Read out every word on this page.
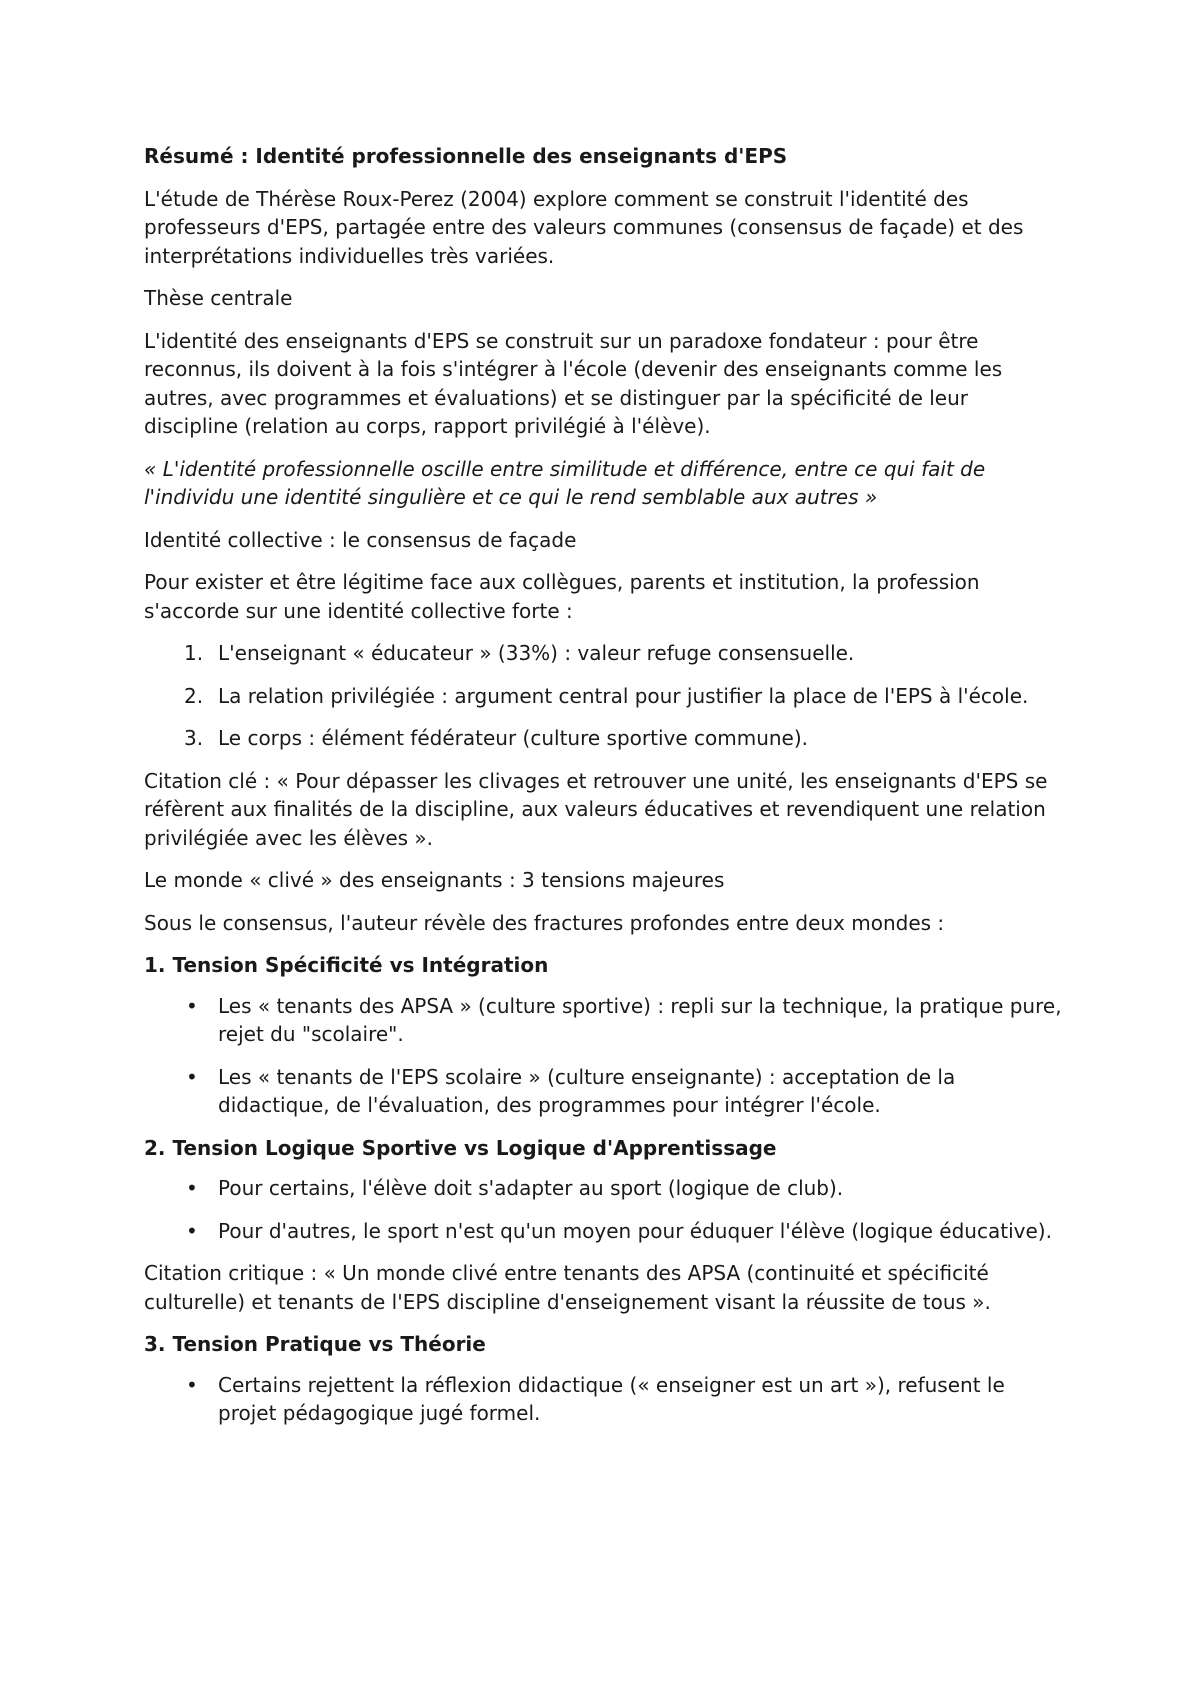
Résumé : Identité professionnelle des enseignants d'EPS

L'étude de Thérèse Roux-Perez (2004) explore comment se construit l'identité des professeurs d'EPS, partagée entre des valeurs communes (consensus de façade) et des interprétations individuelles très variées.

Thèse centrale

L'identité des enseignants d'EPS se construit sur un paradoxe fondateur : pour être reconnus, ils doivent à la fois s'intégrer à l'école (devenir des enseignants comme les autres, avec programmes et évaluations) et se distinguer par la spécificité de leur discipline (relation au corps, rapport privilégié à l'élève).

« L'identité professionnelle oscille entre similitude et différence, entre ce qui fait de l'individu une identité singulière et ce qui le rend semblable aux autres »

Identité collective : le consensus de façade

Pour exister et être légitime face aux collègues, parents et institution, la profession s'accorde sur une identité collective forte :

1. L'enseignant « éducateur » (33%) : valeur refuge consensuelle.
2. La relation privilégiée : argument central pour justifier la place de l'EPS à l'école.
3. Le corps : élément fédérateur (culture sportive commune).

Citation clé : « Pour dépasser les clivages et retrouver une unité, les enseignants d'EPS se réfèrent aux finalités de la discipline, aux valeurs éducatives et revendiquent une relation privilégiée avec les élèves ».

Le monde « clivé » des enseignants : 3 tensions majeures

Sous le consensus, l'auteur révèle des fractures profondes entre deux mondes :

1. Tension Spécificité vs Intégration
• Les « tenants des APSA » (culture sportive) : repli sur la technique, la pratique pure, rejet du "scolaire".
• Les « tenants de l'EPS scolaire » (culture enseignante) : acceptation de la didactique, de l'évaluation, des programmes pour intégrer l'école.
2. Tension Logique Sportive vs Logique d'Apprentissage
• Pour certains, l'élève doit s'adapter au sport (logique de club).
• Pour d'autres, le sport n'est qu'un moyen pour éduquer l'élève (logique éducative).

Citation critique : « Un monde clivé entre tenants des APSA (continuité et spécificité culturelle) et tenants de l'EPS discipline d'enseignement visant la réussite de tous ».

3. Tension Pratique vs Théorie
• Certains rejettent la réflexion didactique (« enseigner est un art »), refusent le projet pédagogique jugé formel.
